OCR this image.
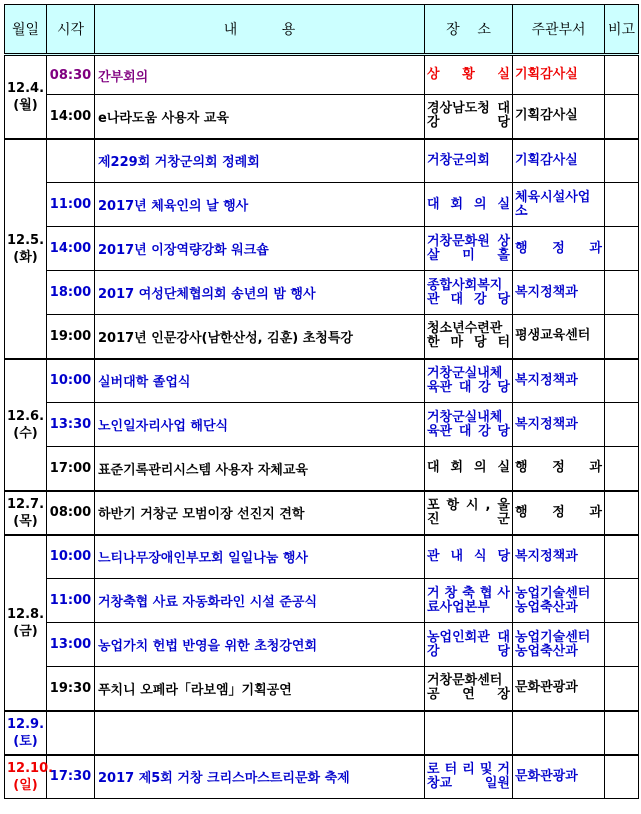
월일	시각	내          용	장    소	주관부서	비고

12.4.
(월)	08:30	간부회의	상 황 실	기획감사실	
	14:00	e나라도움 사용자 교육	경상남도청 대 강 당	기획감사실	

12.5.
(화)		제229회 거창군의회 정례회	거창군의회	기획감사실	
	11:00	2017년 체육인의 날 행사	대 회 의 실	체육시설사업소	
	14:00	2017년 이장역량강화 워크숍	거창문화원 상 살 미 홀	행 정 과	
	18:00	2017 여성단체협의회 송년의 밤 행사	종합사회복지관 대 강 당	복지정책과	
	19:00	2017년 인문강사(남한산성, 김훈) 초청특강	청소년수련관 한 마 당 터	평생교육센터	

12.6.
(수)	10:00	실버대학 졸업식	거창군실내체육관 대 강 당	복지정책과	
	13:30	노인일자리사업 해단식	거창군실내체육관 대 강 당	복지정책과	
	17:00	표준기록관리시스템 사용자 자체교육	대 회 의 실	행 정 과	

12.7.
(목)	08:00	하반기 거창군 모범이장 선진지 견학	포 항 시 , 울 진 군	행 정 과	

12.8.
(금)	10:00	느티나무장애인부모회 일일나눔 행사	관 내 식 당	복지정책과	
	11:00	거창축협 사료 자동화라인 시설 준공식	거 창 축 협 사료사업본부	농업기술센터 농업축산과	
	13:00	농업가치 헌법 반영을 위한 초청강연회	농업인회관 대 강 당	농업기술센터 농업축산과	
	19:30	푸치니 오페라「라보엠」기획공연	거창문화센터 공 연 장	문화관광과	

12.9.
(토)					

12.10.
(일)	17:30	2017 제5회 거창 크리스마스트리문화 축제	로 터 리 및 거창교 일원	문화관광과	
